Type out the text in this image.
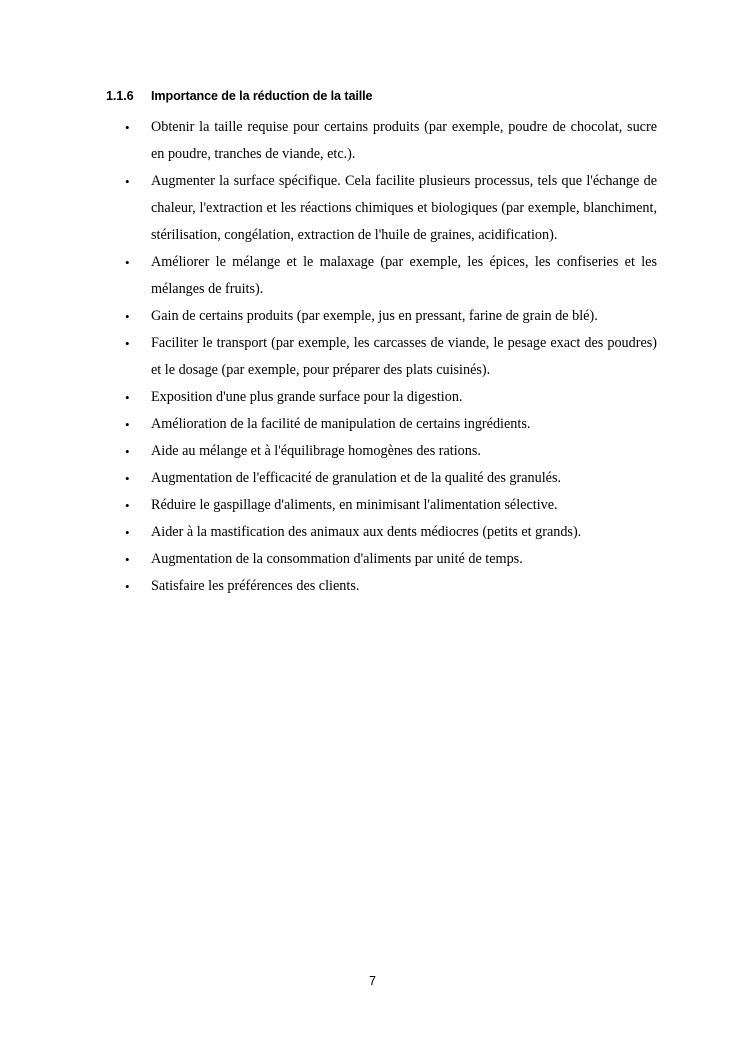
1.1.6 Importance de la réduction de la taille
•	Obtenir la taille requise pour certains produits (par exemple, poudre de chocolat, sucre en poudre, tranches de viande, etc.).
•	Augmenter la surface spécifique. Cela facilite plusieurs processus, tels que l'échange de chaleur, l'extraction et les réactions chimiques et biologiques (par exemple, blanchiment, stérilisation, congélation, extraction de l'huile de graines, acidification).
•	Améliorer le mélange et le malaxage (par exemple, les épices, les confiseries et les mélanges de fruits).
•	Gain de certains produits (par exemple, jus en pressant, farine de grain de blé).
•	Faciliter le transport (par exemple, les carcasses de viande, le pesage exact des poudres) et le dosage (par exemple, pour préparer des plats cuisinés).
•	Exposition d'une plus grande surface pour la digestion.
•	Amélioration de la facilité de manipulation de certains ingrédients.
•	Aide au mélange et à l'équilibrage homogènes des rations.
•	Augmentation de l'efficacité de granulation et de la qualité des granulés.
•	Réduire le gaspillage d'aliments, en minimisant l'alimentation sélective.
•	Aider à la mastification des animaux aux dents médiocres (petits et grands).
•	Augmentation de la consommation d'aliments par unité de temps.
•	Satisfaire les préférences des clients.
7
